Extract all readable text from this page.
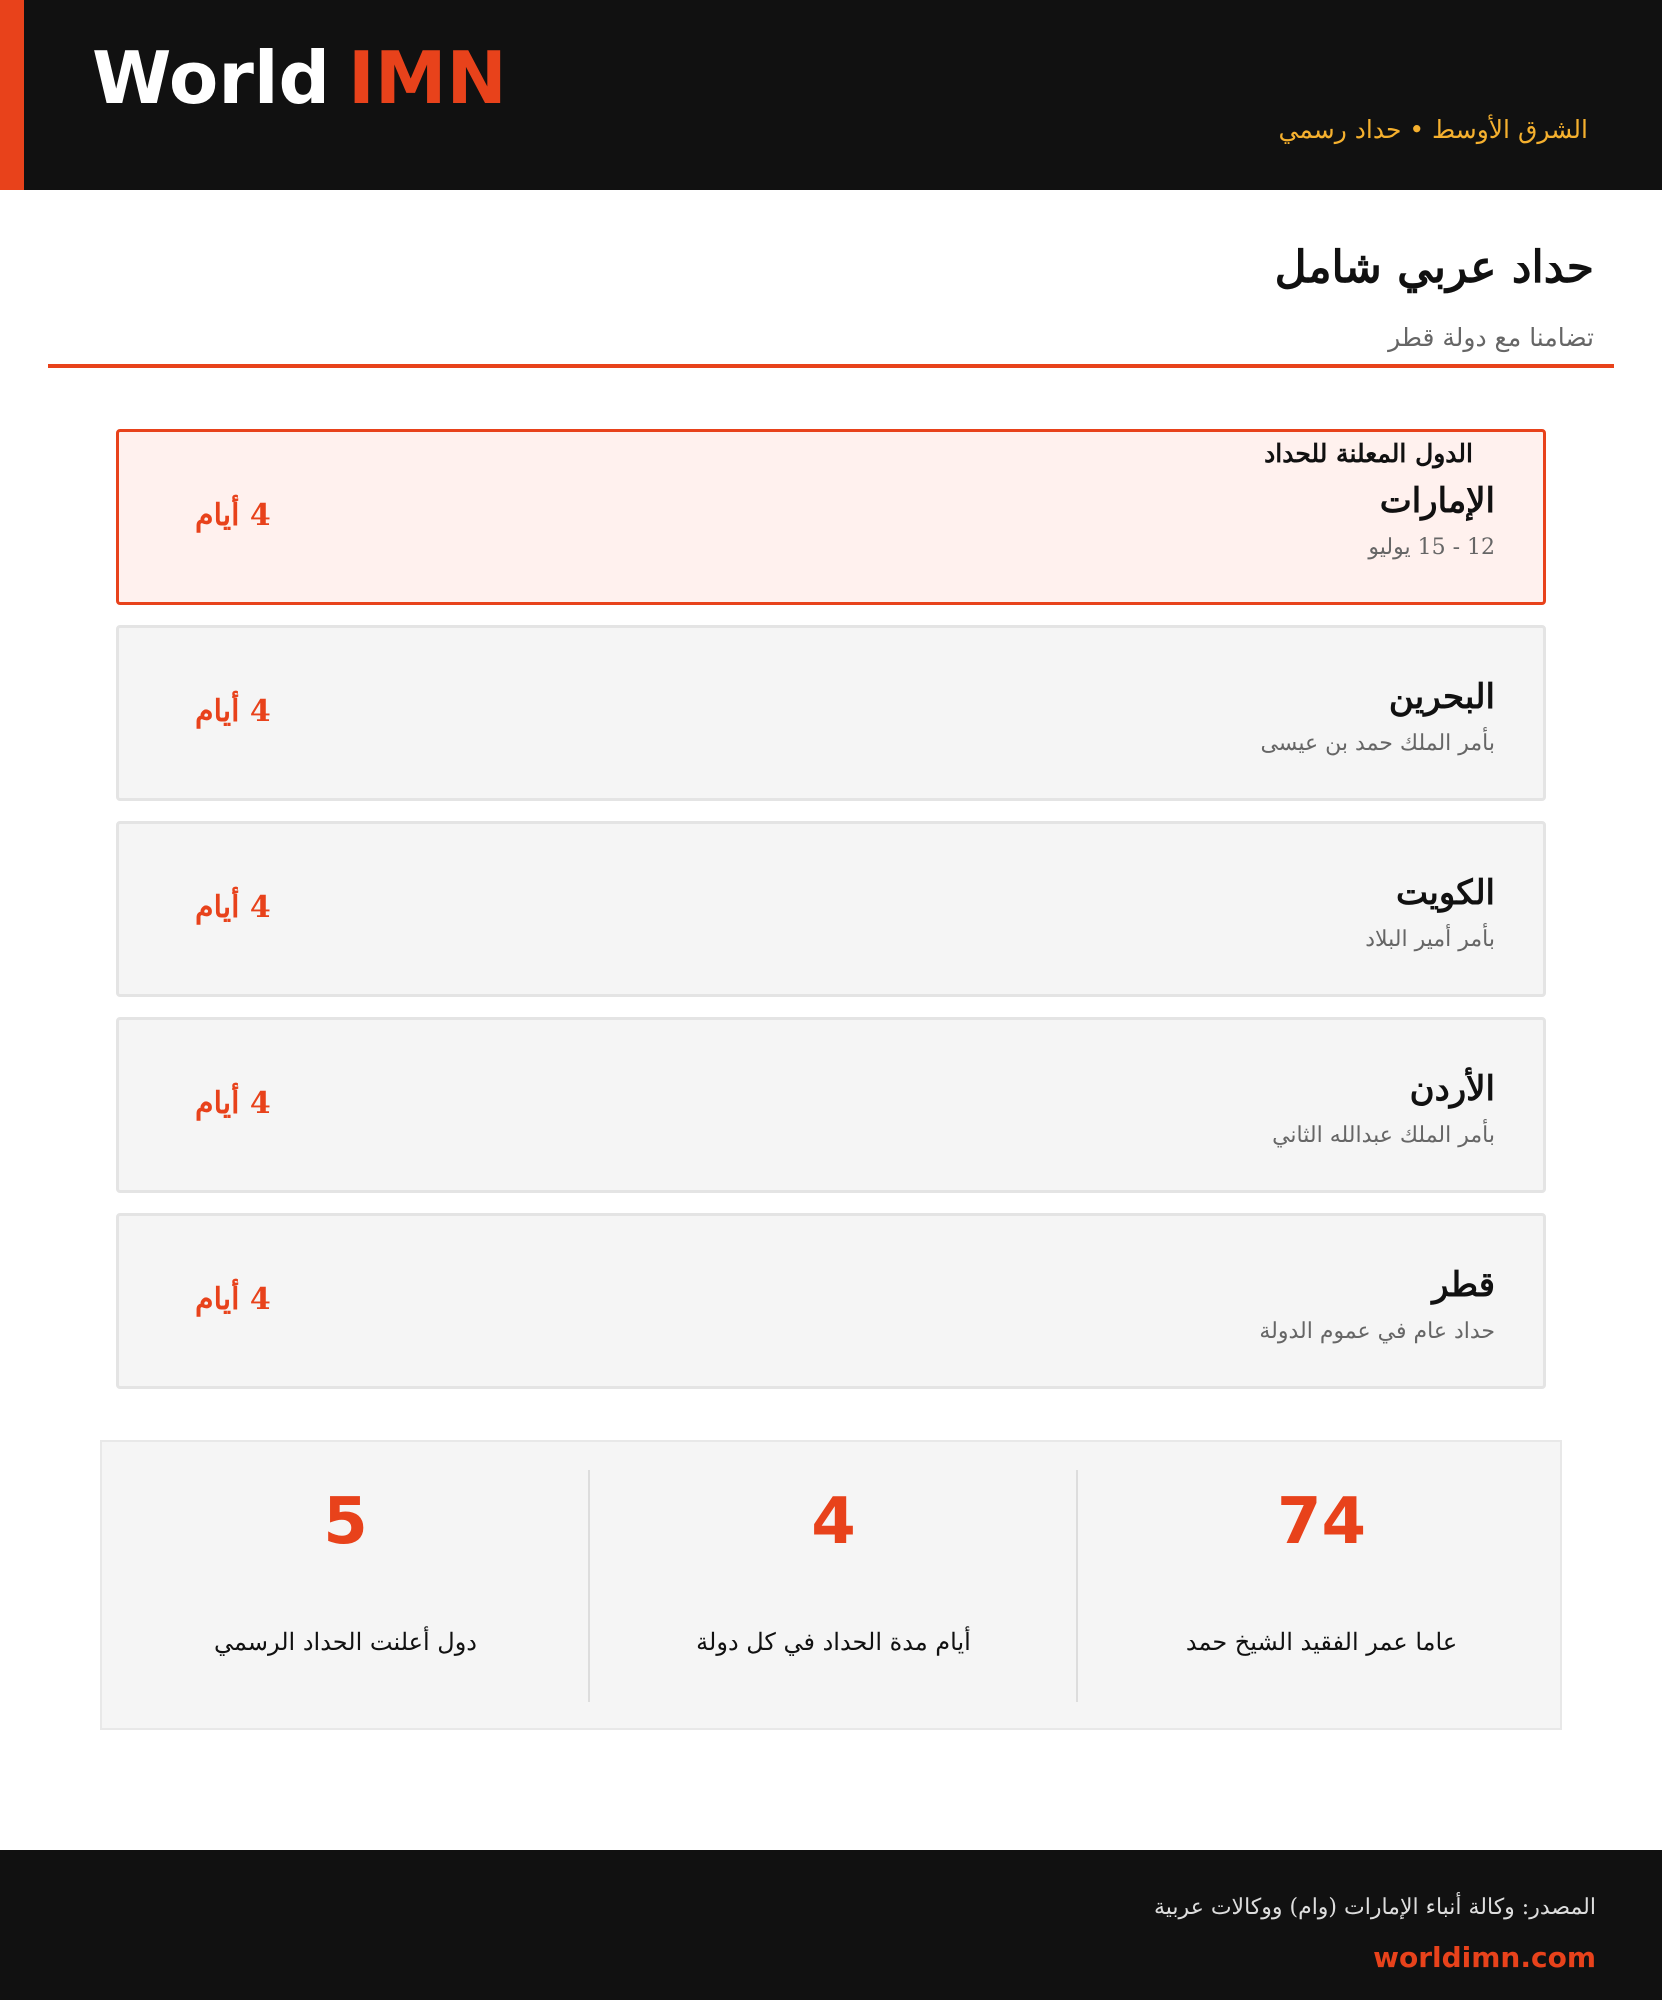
World IMN
الشرق الأوسط • حداد رسمي
حداد عربي شامل
تضامنا مع دولة قطر
الدول المعلنة للحداد
الإمارات
12 - 15 يوليو
4 أيام
البحرين
بأمر الملك حمد بن عيسى
4 أيام
الكويت
بأمر أمير البلاد
4 أيام
الأردن
بأمر الملك عبدالله الثاني
4 أيام
قطر
حداد عام في عموم الدولة
4 أيام
5
دول أعلنت الحداد الرسمي
4
أيام مدة الحداد في كل دولة
74
عاما عمر الفقيد الشيخ حمد
المصدر: وكالة أنباء الإمارات (وام) ووكالات عربية
worldimn.com
